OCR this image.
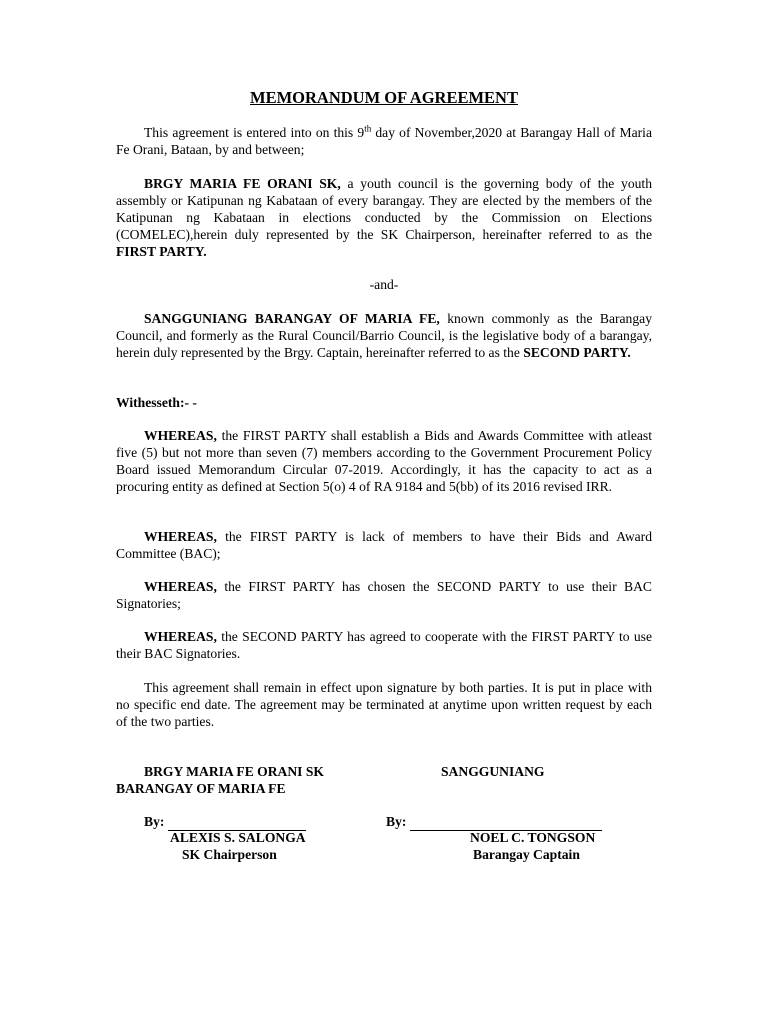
MEMORANDUM OF AGREEMENT
This agreement is entered into on this 9th day of November,2020 at Barangay Hall of Maria Fe Orani, Bataan, by and between;
BRGY MARIA FE ORANI SK, a youth council is the governing body of the youth assembly or Katipunan ng Kabataan of every barangay. They are elected by the members of the Katipunan ng Kabataan in elections conducted by the Commission on Elections (COMELEC),herein duly represented by the SK Chairperson, hereinafter referred to as the FIRST PARTY.
-and-
SANGGUNIANG BARANGAY OF MARIA FE, known commonly as the Barangay Council, and formerly as the Rural Council/Barrio Council, is the legislative body of a barangay, herein duly represented by the Brgy. Captain, hereinafter referred to as the SECOND PARTY.
Withesseth:- -
WHEREAS, the FIRST PARTY shall establish a Bids and Awards Committee with atleast five (5) but not more than seven (7) members according to the Government Procurement Policy Board issued Memorandum Circular 07-2019. Accordingly, it has the capacity to act as a procuring entity as defined at Section 5(o) 4 of RA 9184 and 5(bb) of its 2016 revised IRR.
WHEREAS, the FIRST PARTY is lack of members to have their Bids and Award Committee (BAC);
WHEREAS, the FIRST PARTY has chosen the SECOND PARTY to use their BAC Signatories;
WHEREAS, the SECOND PARTY has agreed to cooperate with the FIRST PARTY to use their BAC Signatories.
This agreement shall remain in effect upon signature by both parties. It is put in place with no specific end date. The agreement may be terminated at anytime upon written request by each of the two parties.
BRGY MARIA FE ORANI SK	SANGGUNIANG
BARANGAY OF MARIA FE
By:	By:
ALEXIS S. SALONGA	NOEL C. TONGSON
SK Chairperson	Barangay Captain
